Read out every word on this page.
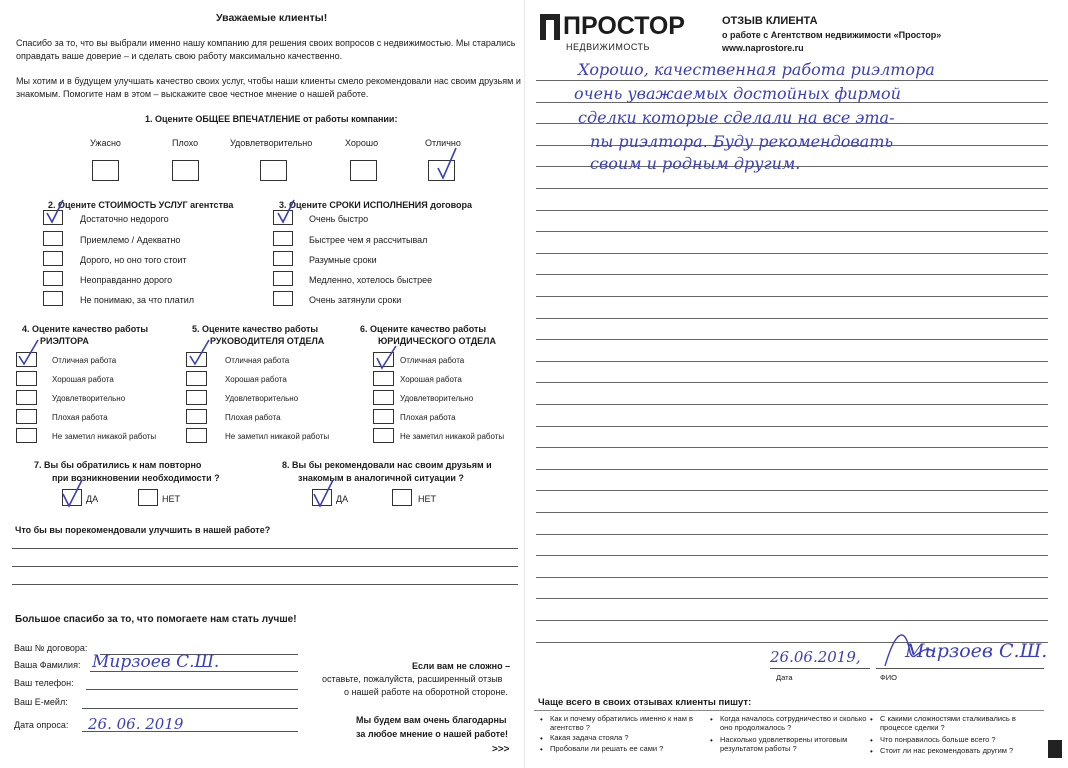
Уважаемые клиенты!
Спасибо за то, что вы выбрали именно нашу компанию для решения своих вопросов с недвижимостью. Мы старались
оправдать ваше доверие – и сделать свою работу максимально качественно.
Мы хотим и в будущем улучшать качество своих услуг, чтобы наши клиенты смело рекомендовали нас своим друзьям и
знакомым. Помогите нам в этом – выскажите свое честное мнение о нашей работе.
1. Оцените ОБЩЕЕ ВПЕЧАТЛЕНИЕ от работы компании:
Ужасно	Плохо	Удовлетворительно	Хорошо	Отлично
2. Оцените СТОИМОСТЬ УСЛУГ агентства
Достаточно недорого
Приемлемо / Адекватно
Дорого, но оно того стоит
Неоправданно дорого
Не понимаю, за что платил
3. Оцените СРОКИ ИСПОЛНЕНИЯ договора
Очень быстро
Быстрее чем я рассчитывал
Разумные сроки
Медленно, хотелось быстрее
Очень затянули сроки
4. Оцените качество работы
РИЭЛТОРА
Отличная работа
Хорошая работа
Удовлетворительно
Плохая работа
Не заметил никакой работы
5. Оцените качество работы
РУКОВОДИТЕЛЯ ОТДЕЛА
Отличная работа
Хорошая работа
Удовлетворительно
Плохая работа
Не заметил никакой работы
6. Оцените качество работы
ЮРИДИЧЕСКОГО ОТДЕЛА
Отличная работа
Хорошая работа
Удовлетворительно
Плохая работа
Не заметил никакой работы
7. Вы бы обратились к нам повторно
при возникновении необходимости ?
ДА	НЕТ
8. Вы бы рекомендовали нас своим друзьям и
знакомым в аналогичной ситуации ?
ДА	НЕТ
Что бы вы порекомендовали улучшить в нашей работе?
Большое спасибо за то, что помогаете нам стать лучше!
Ваш № договора:
Ваша Фамилия: Мирзоев С.Ш.
Ваш телефон:
Ваш E-мейл:
Дата опроса: 26. 06. 2019
Если вам не сложно –
оставьте, пожалуйста, расширенный отзыв
о нашей работе на оборотной стороне.
Мы будем вам очень благодарны
за любое мнение о нашей работе!
>>>
ПРОСТОР
НЕДВИЖИМОСТЬ
ОТЗЫВ КЛИЕНТА
о работе с Агентством недвижимости «Простор»
www.naprostore.ru
Хорошо, качественная работа риэлтора
очень уважаемых достойных фирмой
сделки которые сделали на все эта-
пы риэлтора. Буду рекомендовать
своим и родным другим.
26.06.2019, Мирзоев С.Ш.
Дата	ФИО
Чаще всего в своих отзывах клиенты пишут:
• Как и почему обратились именно к нам в
агентство ?
• Какая задача стояла ?
• Пробовали ли решать ее сами ?
• Когда началось сотрудничество и сколько
оно продолжалось ?
• Насколько удовлетворены итоговым
результатом работы ?
• С какими сложностями сталкивались в
процессе сделки ?
• Что понравилось больше всего ?
• Стоит ли нас рекомендовать другим ?
